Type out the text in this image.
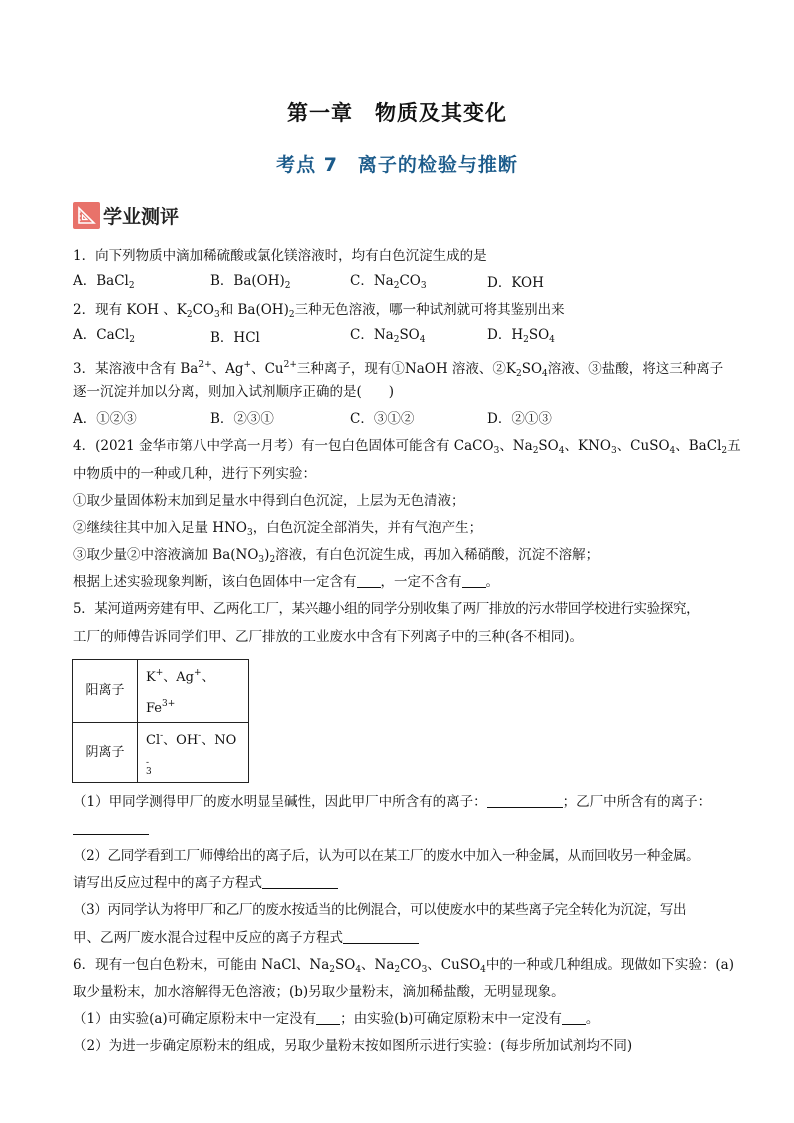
第一章　物质及其变化
考点 7　离子的检验与推断
学业测评
1．向下列物质中滴加稀硫酸或氯化镁溶液时，均有白色沉淀生成的是
A．BaCl$_2$	B．$Ba(OH)_2$	C．$Na_2CO_3$	D．KOH
2．现有 KOH 、$K_2CO_3$和 $Ba(OH)_2$三种无色溶液，哪一种试剂就可将其鉴别出来
A．CaCl$_2$	B．HCl	C．$Na_2SO_4$	D．$H_2SO_4$
3．某溶液中含有 $Ba^{2+}$、Ag+、$Cu^{2+}$三种离子，现有①NaOH 溶液、$②K_2SO_4$溶液、③盐酸，将这三种离子
逐一沉淀并加以分离，则加入试剂顺序正确的是(　　)
A．①②③	B．②③①	C．③①②	D．②①③
4．(2021 金华市第八中学高一月考）有一包白色固体可能含有 CaCO$_3$、$Na_2SO_4$、$KNO_3$、CuSO$_4$、BaCl$_2$五
中物质中的一种或几种，进行下列实验：
①取少量固体粉末加到足量水中得到白色沉淀，上层为无色清液；
②继续往其中加入足量 $HNO_3$，白色沉淀全部消失，并有气泡产生；
③取少量②中溶液滴加 $Ba(NO_3)_2$溶液，有白色沉淀生成，再加入稀硝酸，沉淀不溶解；
根据上述实验现象判断，该白色固体中一定含有 ，一定不含有 。
5．某河道两旁建有甲、乙两化工厂，某兴趣小组的同学分别收集了两厂排放的污水带回学校进行实验探究，
工厂的师傅告诉同学们甲、乙厂排放的工业废水中含有下列离子中的三种(各不相同)。
阳离子	K+、Ag+、$Fe^{3+}$
阴离子	Cl-、OH-、NO
-
3
（1）甲同学测得甲厂的废水明显呈碱性，因此甲厂中所含有的离子：	；乙厂中所含有的离子：
（2）乙同学看到工厂师傅给出的离子后，认为可以在某工厂的废水中加入一种金属，从而回收另一种金属。
请写出反应过程中的离子方程式
（3）丙同学认为将甲厂和乙厂的废水按适当的比例混合，可以使废水中的某些离子完全转化为沉淀，写出
甲、乙两厂废水混合过程中反应的离子方程式
6．现有一包白色粉末，可能由 NaCl、$Na_2SO_4$、$Na_2CO_3$、CuSO$_4$中的一种或几种组成。现做如下实验：(a)
取少量粉末，加水溶解得无色溶液；(b)另取少量粉末，滴加稀盐酸，无明显现象。
（1）由实验(a)可确定原粉末中一定没有 ；由实验(b)可确定原粉末中一定没有 。
（2）为进一步确定原粉末的组成，另取少量粉末按如图所示进行实验：(每步所加试剂均不同)
